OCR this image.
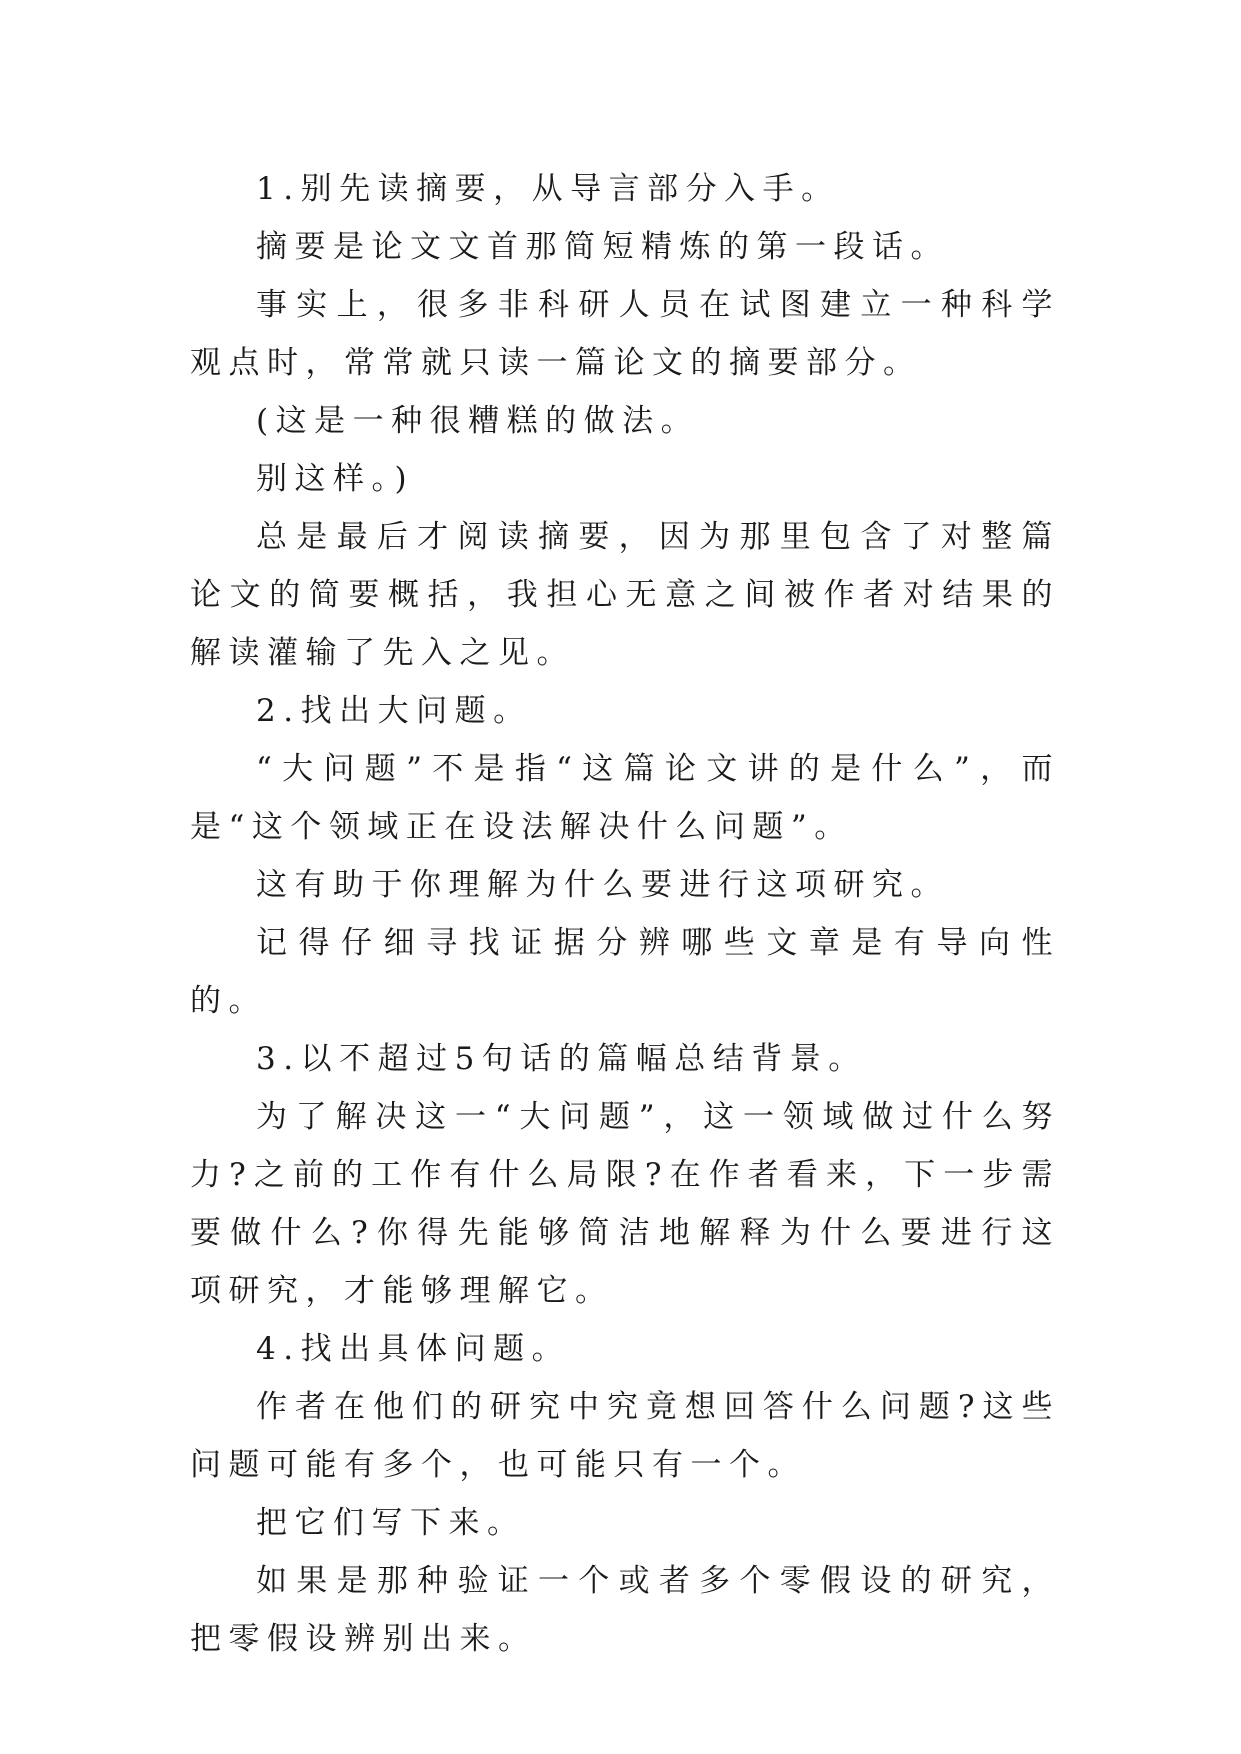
1.别先读摘要，从导言部分入手。

摘要是论文文首那简短精炼的第一段话。

事实上，很多非科研人员在试图建立一种科学观点时，常常就只读一篇论文的摘要部分。

(这是一种很糟糕的做法。

别这样。)

总是最后才阅读摘要，因为那里包含了对整篇论文的简要概括，我担心无意之间被作者对结果的解读灌输了先入之见。

2.找出大问题。

“大问题”不是指“这篇论文讲的是什么”，而是“这个领域正在设法解决什么问题”。

这有助于你理解为什么要进行这项研究。

记得仔细寻找证据分辨哪些文章是有导向性的。

3.以不超过5句话的篇幅总结背景。

为了解决这一“大问题”，这一领域做过什么努力?之前的工作有什么局限?在作者看来，下一步需要做什么?你得先能够简洁地解释为什么要进行这项研究，才能够理解它。

4.找出具体问题。

作者在他们的研究中究竟想回答什么问题?这些问题可能有多个，也可能只有一个。

把它们写下来。

如果是那种验证一个或者多个零假设的研究，把零假设辨别出来。
